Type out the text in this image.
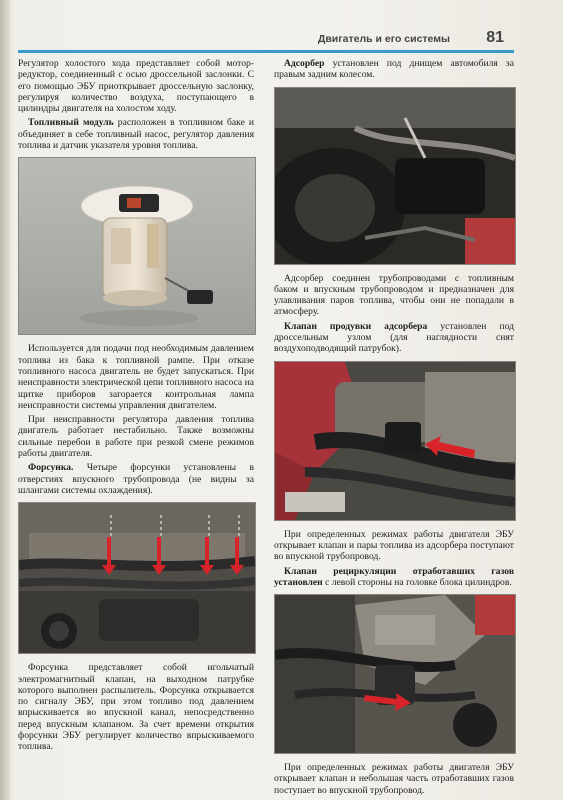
Двигатель и его системы 81

Регулятор холостого хода представляет собой мотор-редуктор, соединенный с осью дроссельной заслонки. С его помощью ЭБУ приоткрывает дроссельную заслонку, регулируя количество воздуха, поступающего в цилиндры двигателя на холостом ходу.

Топливный модуль расположен в топливном баке и объединяет в себе топливный насос, регулятор давления топлива и датчик указателя уровня топлива.

Используется для подачи под необходимым давлением топлива из бака к топливной рампе. При отказе топливного насоса двигатель не будет запускаться. При неисправности электрической цепи топливного насоса на щитке приборов загорается контрольная лампа неисправности системы управления двигателем.

При неисправности регулятора давления топлива двигатель работает нестабильно. Также возможны сильные перебои в работе при резкой смене режимов работы двигателя.

Форсунка. Четыре форсунки установлены в отверстиях впускного трубопровода (не видны за шлангами системы охлаждения).

Форсунка представляет собой игольчатый электромагнитный клапан, на выходном патрубке которого выполнен распылитель. Форсунка открывается по сигналу ЭБУ, при этом топливо под давлением впрыскивается во впускной канал, непосредственно перед впускным клапаном. За счет времени открытия форсунки ЭБУ регулирует количество впрыскиваемого топлива.

Адсорбер установлен под днищем автомобиля за правым задним колесом.

Адсорбер соединен трубопроводами с топливным баком и впускным трубопроводом и предназначен для улавливания паров топлива, чтобы они не попадали в атмосферу.

Клапан продувки адсорбера установлен под дроссельным узлом (для наглядности снят воздухоподводящий патрубок).

При определенных режимах работы двигателя ЭБУ открывает клапан и пары топлива из адсорбера поступают во впускной трубопровод.

Клапан рециркуляции отработавших газов установлен с левой стороны на головке блока цилиндров.

При определенных режимах работы двигателя ЭБУ открывает клапан и небольшая часть отработавших газов поступает во впускной трубопровод.
